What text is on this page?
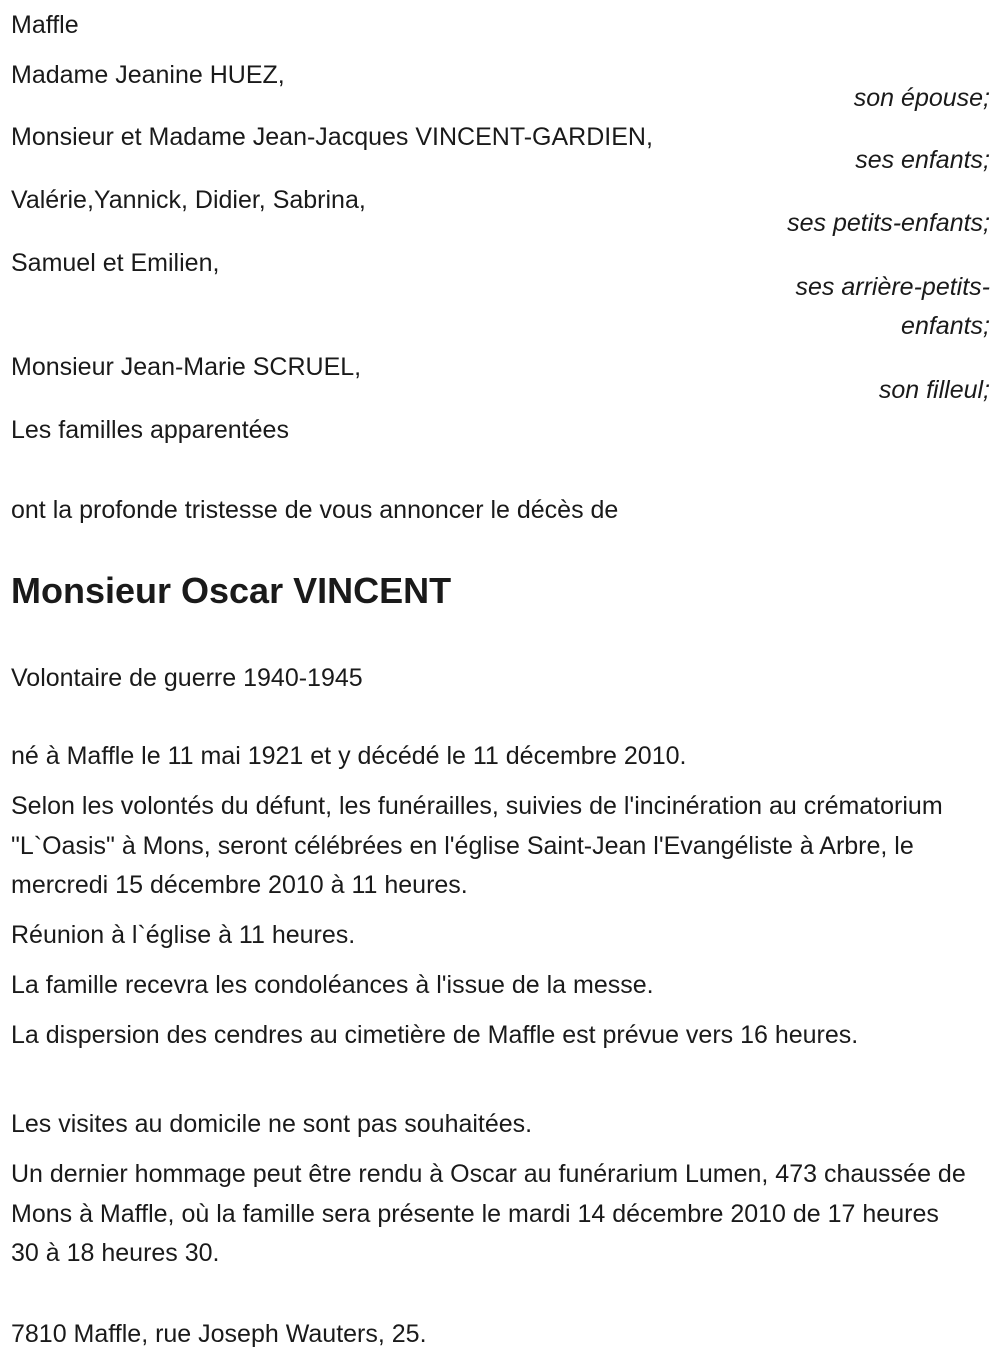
Maffle
Madame Jeanine HUEZ,
son épouse;
Monsieur et Madame Jean-Jacques VINCENT-GARDIEN,
ses enfants;
Valérie,Yannick, Didier, Sabrina,
ses petits-enfants;
Samuel et Emilien,
ses arrière-petits-
enfants;
Monsieur Jean-Marie SCRUEL,
son filleul;
Les familles apparentées
ont la profonde tristesse de vous annoncer le décès de
Monsieur Oscar VINCENT
Volontaire de guerre 1940-1945
né à Maffle le 11 mai 1921 et y décédé le 11 décembre 2010.
Selon les volontés du défunt, les funérailles, suivies de l'incinération au crématorium "L`Oasis" à Mons, seront célébrées en l'église Saint-Jean l'Evangéliste à Arbre, le mercredi 15 décembre 2010 à 11 heures.
Réunion à l`église à 11 heures.
La famille recevra les condoléances à l'issue de la messe.
La dispersion des cendres au cimetière de Maffle est prévue vers 16 heures.
Les visites au domicile ne sont pas souhaitées.
Un dernier hommage peut être rendu à Oscar au funérarium Lumen, 473 chaussée de Mons à Maffle, où la famille sera présente le mardi 14 décembre 2010 de 17 heures 30 à 18 heures 30.
7810 Maffle, rue Joseph Wauters, 25.
